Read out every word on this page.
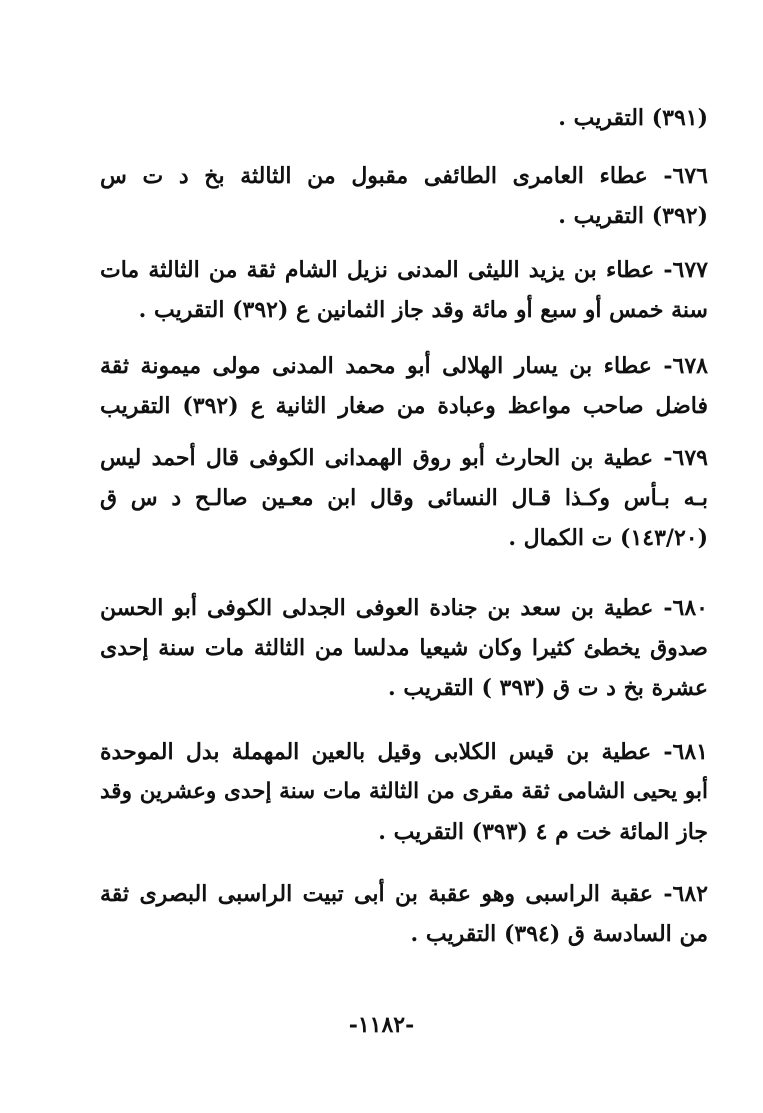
(٣٩١) التقريب .
٦٧٦- عطاء العامرى الطائفى مقبول من الثالثة بخ د ت س
(٣٩٢) التقريب .
٦٧٧- عطاء بن يزيد الليثى المدنى نزيل الشام ثقة من الثالثة مات
سنة خمس أو سبع أو مائة وقد جاز الثمانين ع (٣٩٢) التقريب .
٦٧٨- عطاء بن يسار الهلالى أبو محمد المدنى مولى ميمونة ثقة
فاضل صاحب مواعظ وعبادة من صغار الثانية ع (٣٩٢) التقريب
٦٧٩- عطية بن الحارث أبو روق الهمدانى الكوفى قال أحمد ليس
بـه بـأس وكـذا قـال النسائى وقال ابن معـين صالـح د س ق
(١٤٣/٢٠) ت الكمال .
٦٨٠- عطية بن سعد بن جنادة العوفى الجدلى الكوفى أبو الحسن
صدوق يخطئ كثيرا وكان شيعيا مدلسا من الثالثة مات سنة إحدى
عشرة بخ د ت ق (٣٩٣ ) التقريب .
٦٨١- عطية بن قيس الكلابى وقيل بالعين المهملة بدل الموحدة
أبو يحيى الشامى ثقة مقرى من الثالثة مات سنة إحدى وعشرين وقد
جاز المائة خت م ٤ (٣٩٣) التقريب .
٦٨٢- عقبة الراسبى وهو عقبة بن أبى تبيت الراسبى البصرى ثقة
من السادسة ق (٣٩٤) التقريب .
-١١٨٢-
